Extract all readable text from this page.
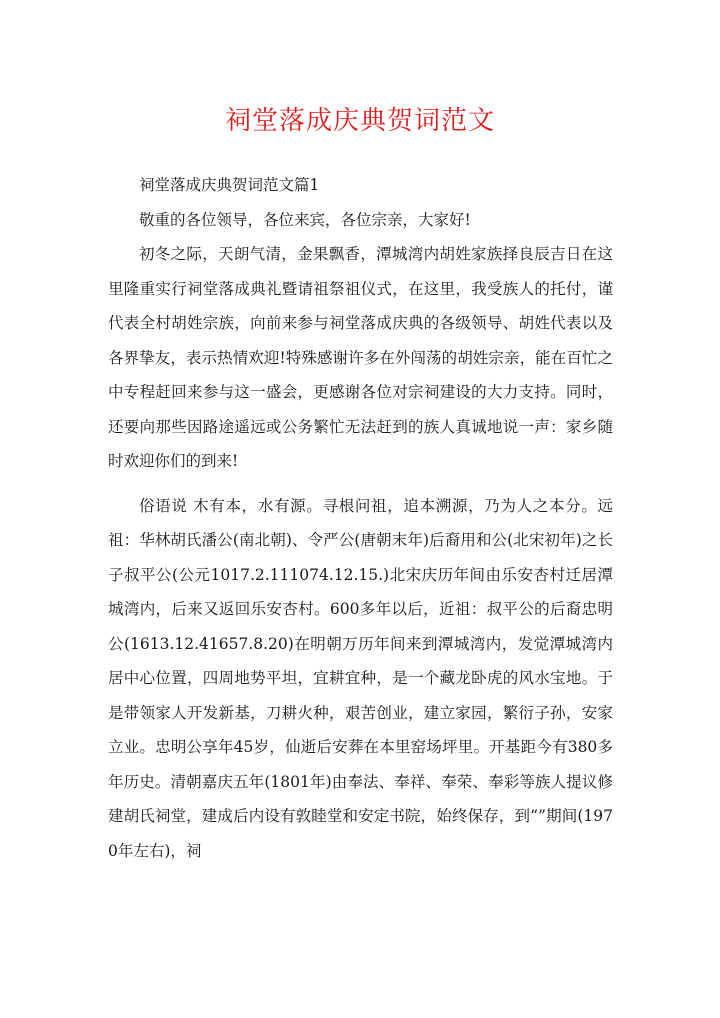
祠堂落成庆典贺词范文

祠堂落成庆典贺词范文篇1

敬重的各位领导，各位来宾，各位宗亲，大家好!

初冬之际，天朗气清，金果飘香，潭城湾内胡姓家族择良辰吉日在这里隆重实行祠堂落成典礼暨请祖祭祖仪式，在这里，我受族人的托付，谨代表全村胡姓宗族，向前来参与祠堂落成庆典的各级领导、胡姓代表以及各界挚友，表示热情欢迎!特殊感谢许多在外闯荡的胡姓宗亲，能在百忙之中专程赶回来参与这一盛会，更感谢各位对宗祠建设的大力支持。同时，还要向那些因路途遥远或公务繁忙无法赶到的族人真诚地说一声：家乡随时欢迎你们的到来!

俗语说 木有本，水有源。寻根问祖，追本溯源，乃为人之本分。远祖：华林胡氏潘公(南北朝)、令严公(唐朝末年)后裔用和公(北宋初年)之长子叔平公(公元1017.2.111074.12.15.)北宋庆历年间由乐安杏村迁居潭城湾内，后来又返回乐安杏村。600多年以后，近祖：叔平公的后裔忠明公(1613.12.41657.8.20)在明朝万历年间来到潭城湾内，发觉潭城湾内居中心位置，四周地势平坦，宜耕宜种，是一个藏龙卧虎的风水宝地。于是带领家人开发新基，刀耕火种，艰苦创业，建立家园，繁衍子孙，安家立业。忠明公享年45岁，仙逝后安葬在本里窑场坪里。开基距今有380多年历史。清朝嘉庆五年(1801年)由奉法、奉祥、奉荣、奉彩等族人提议修建胡氏祠堂，建成后内设有敦睦堂和安定书院，始终保存，到“”期间(1970年左右)，祠
